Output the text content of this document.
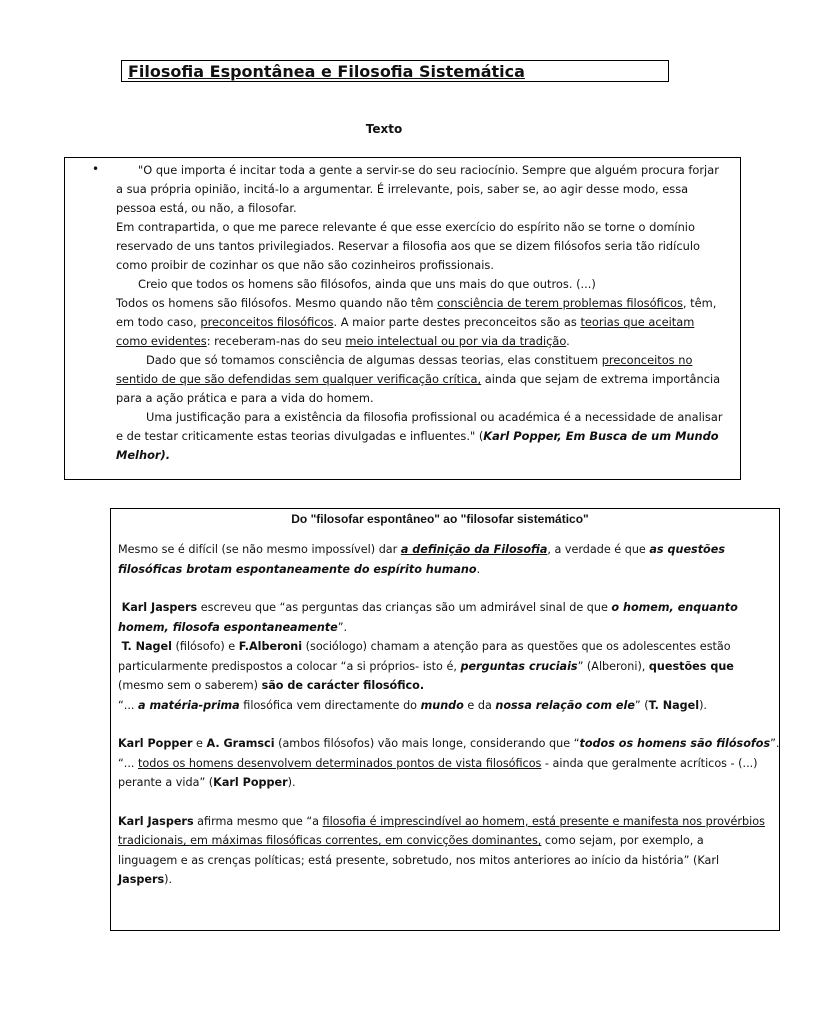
Filosofia Espontânea e Filosofia Sistemática
Texto
•	"O que importa é incitar toda a gente a servir-se do seu raciocínio. Sempre que alguém procura forjar

a sua própria opinião, incitá-lo a argumentar. É irrelevante, pois, saber se, ao agir desse modo, essa

pessoa está, ou não, a filosofar.

Em contrapartida, o que me parece relevante é que esse exercício do espírito não se torne o domínio

reservado de uns tantos privilegiados. Reservar a filosofia aos que se dizem filósofos seria tão ridículo

como proibir de cozinhar os que não são cozinheiros profissionais.

Creio que todos os homens são filósofos, ainda que uns mais do que outros. (...)

Todos os homens são filósofos. Mesmo quando não têm consciência de terem problemas filosóficos, têm,

em todo caso, preconceitos filosóficos. A maior parte destes preconceitos são as teorias que aceitam

como evidentes: receberam-nas do seu meio intelectual ou por via da tradição.

Dado que só tomamos consciência de algumas dessas teorias, elas constituem preconceitos no

sentido de que são defendidas sem qualquer verificação crítica, ainda que sejam de extrema importância

para a ação prática e para a vida do homem.

Uma justificação para a existência da filosofia profissional ou académica é a necessidade de analisar

e de testar criticamente estas teorias divulgadas e influentes." (Karl Popper, Em Busca de um Mundo

Melhor).

Do "filosofar espontâneo" ao "filosofar sistemático"

Mesmo se é difícil (se não mesmo impossível) dar a definição da Filosofia, a verdade é que as questões

filosóficas brotam espontaneamente do espírito humano.

Karl Jaspers escreveu que “as perguntas das crianças são um admirável sinal de que o homem, enquanto

homem, filosofa espontaneamente”.

T. Nagel (filósofo) e F.Alberoni (sociólogo) chamam a atenção para as questões que os adolescentes estão

particularmente predispostos a colocar “a si próprios- isto é, perguntas cruciais” (Alberoni), questões que

(mesmo sem o saberem) são de carácter filosófico.

“... a matéria-prima filosófica vem directamente do mundo e da nossa relação com ele” (T. Nagel).

Karl Popper e A. Gramsci (ambos filósofos) vão mais longe, considerando que “todos os homens são filósofos”.

“... todos os homens desenvolvem determinados pontos de vista filosóficos - ainda que geralmente acríticos - (...)

perante a vida” (Karl Popper).

Karl Jaspers afirma mesmo que “a filosofia é imprescindível ao homem, está presente e manifesta nos provérbios

tradicionais, em máximas filosóficas correntes, em convicções dominantes, como sejam, por exemplo, a

linguagem e as crenças políticas; está presente, sobretudo, nos mitos anteriores ao início da história” (Karl

Jaspers).
